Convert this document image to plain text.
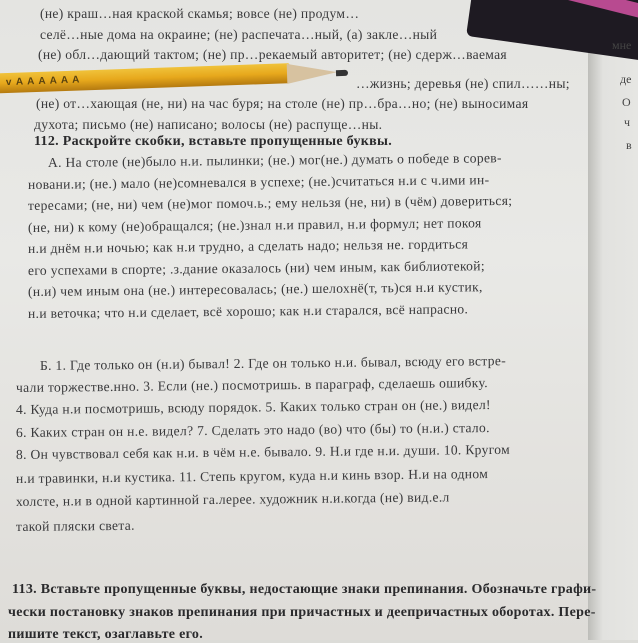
(не) краш…ная краской скамья; вовсе (не) продум…
селё…ные дома на окраине; (не) распечата…ный, (а) закле…ный
(не) обл…дающий тактом; (не) пр…рекаемый авторитет; (не) сдерж…ваемая
…жизнь; деревья (не) спил……ны;
(не) от…хающая (не, ни) на час буря; на столе (не) пр…бра…но; (не) выносимая
духота; письмо (не) написано; волосы (не) распуще…ны.
112. Раскройте скобки, вставьте пропущенные буквы.
А. На столе (не)было н.и. пылинки; (не.) мог(не.) думать о победе в сорев-
новани.и; (не.) мало (не)сомневался в успехе; (не.)считаться н.и с ч.ими ин-
тересами; (не, ни) чем (не)мог помоч.ь.; ему нельзя (не, ни) в (чём) довериться;
(не, ни) к кому (не)обращался; (не.)знал н.и правил, н.и формул; нет покоя
н.и днём н.и ночью; как н.и трудно, а сделать надо; нельзя не. гордиться
его успехами в спорте; .з.дание оказалось (ни) чем иным, как библиотекой;
(н.и) чем иным она (не.) интересовалась; (не.) шелохнё(т, ть)ся н.и кустик,
н.и веточка; что н.и сделает, всё хорошо; как н.и старался, всё напрасно.
Б. 1. Где только он (н.и) бывал! 2. Где он только н.и. бывал, всюду его встре-
чали торжестве.нно. 3. Если (не.) посмотришь. в параграф, сделаешь ошибку.
4. Куда н.и посмотришь, всюду порядок. 5. Каких только стран он (не.) видел!
6. Каких стран он н.е. видел? 7. Сделать это надо (во) что (бы) то (н.и.) стало.
8. Он чувствовал себя как н.и. в чём н.е. бывало. 9. Н.и где н.и. души. 10. Кругом
н.и травинки, н.и кустика. 11. Степь кругом, куда н.и кинь взор. Н.и на одном
холсте, н.и в одной картинной га.лерее. художник н.и.когда (не) вид.е.л
такой пляски света.
113. Вставьте пропущенные буквы, недостающие знаки препинания. Обозначьте графи-
чески постановку знаков препинания при причастных и деепричастных оборотах. Пере-
пишите текст, озаглавьте его.
мне
де
О
ч
в
v A A A A A A
